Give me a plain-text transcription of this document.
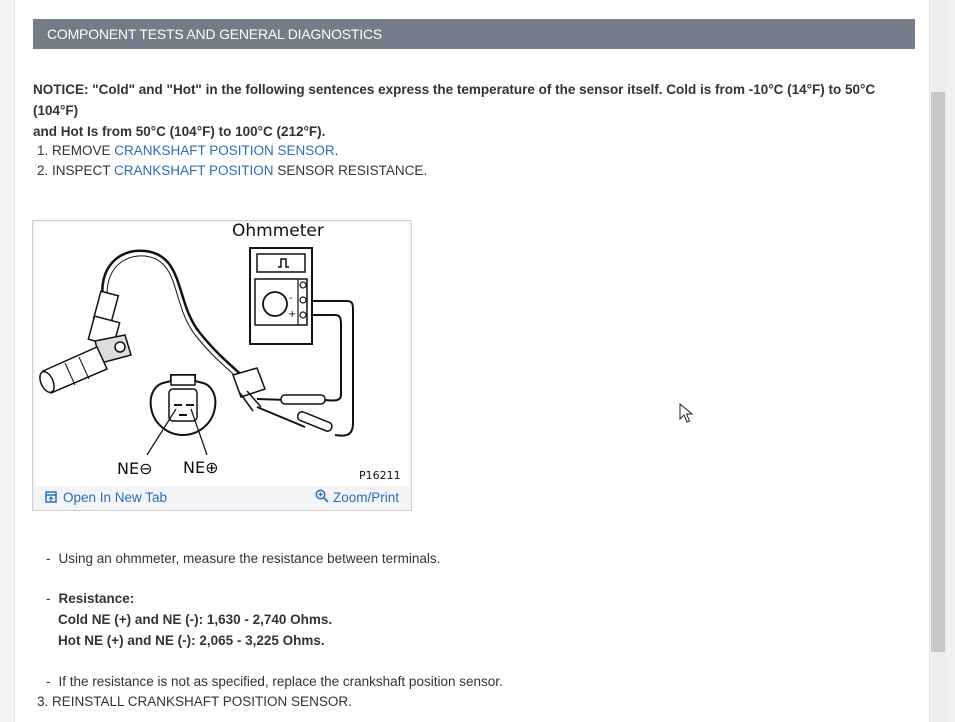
COMPONENT TESTS AND GENERAL DIAGNOSTICS
NOTICE: "Cold" and "Hot" in the following sentences express the temperature of the sensor itself. Cold is from -10°C (14°F) to 50°C (104°F)
and Hot Is from 50°C (104°F) to 100°C (212°F).
1. REMOVE CRANKSHAFT POSITION SENSOR.
2. INSPECT CRANKSHAFT POSITION SENSOR RESISTANCE.
-
+
Ohmmeter
NE⊖ NE⊕	P16211
Open In New Tab	Zoom/Print
- Using an ohmmeter, measure the resistance between terminals.
- Resistance:
Cold NE (+) and NE (-): 1,630 - 2,740 Ohms.
Hot NE (+) and NE (-): 2,065 - 3,225 Ohms.
- If the resistance is not as specified, replace the crankshaft position sensor.
3. REINSTALL CRANKSHAFT POSITION SENSOR.
